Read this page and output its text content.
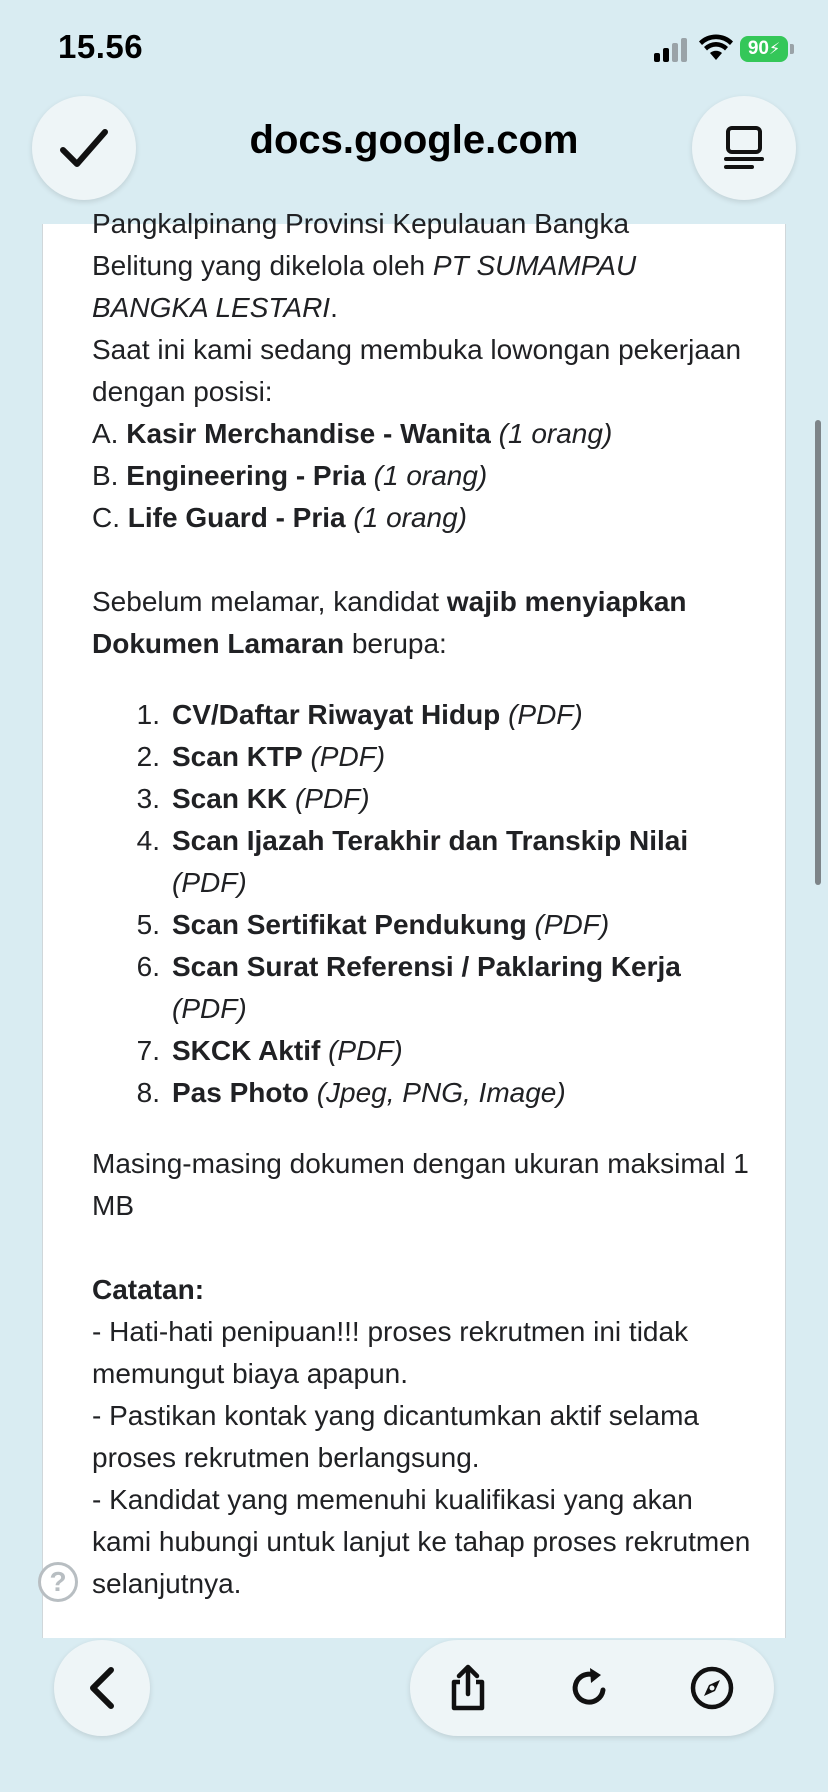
15.56	90⚡
docs.google.com

Pangkalpinang Provinsi Kepulauan Bangka
Belitung yang dikelola oleh PT SUMAMPAU
BANGKA LESTARI.

Saat ini kami sedang membuka lowongan pekerjaan dengan posisi:

A. Kasir Merchandise - Wanita (1 orang)

B. Engineering - Pria (1 orang)

C. Life Guard - Pria (1 orang)

Sebelum melamar, kandidat wajib menyiapkan Dokumen Lamaran berupa:

1. CV/Daftar Riwayat Hidup (PDF)
2. Scan KTP (PDF)
3. Scan KK (PDF)
4. Scan Ijazah Terakhir dan Transkip Nilai
(PDF)
5. Scan Sertifikat Pendukung (PDF)
6. Scan Surat Referensi / Paklaring Kerja
(PDF)
7. SKCK Aktif (PDF)
8. Pas Photo (Jpeg, PNG, Image)

Masing-masing dokumen dengan ukuran maksimal 1 MB

Catatan:

- Hati-hati penipuan!!! proses rekrutmen ini tidak memungut biaya apapun.

- Pastikan kontak yang dicantumkan aktif selama proses rekrutmen berlangsung.

- Kandidat yang memenuhi kualifikasi yang akan kami hubungi untuk lanjut ke tahap proses rekrutmen selanjutnya.

?
